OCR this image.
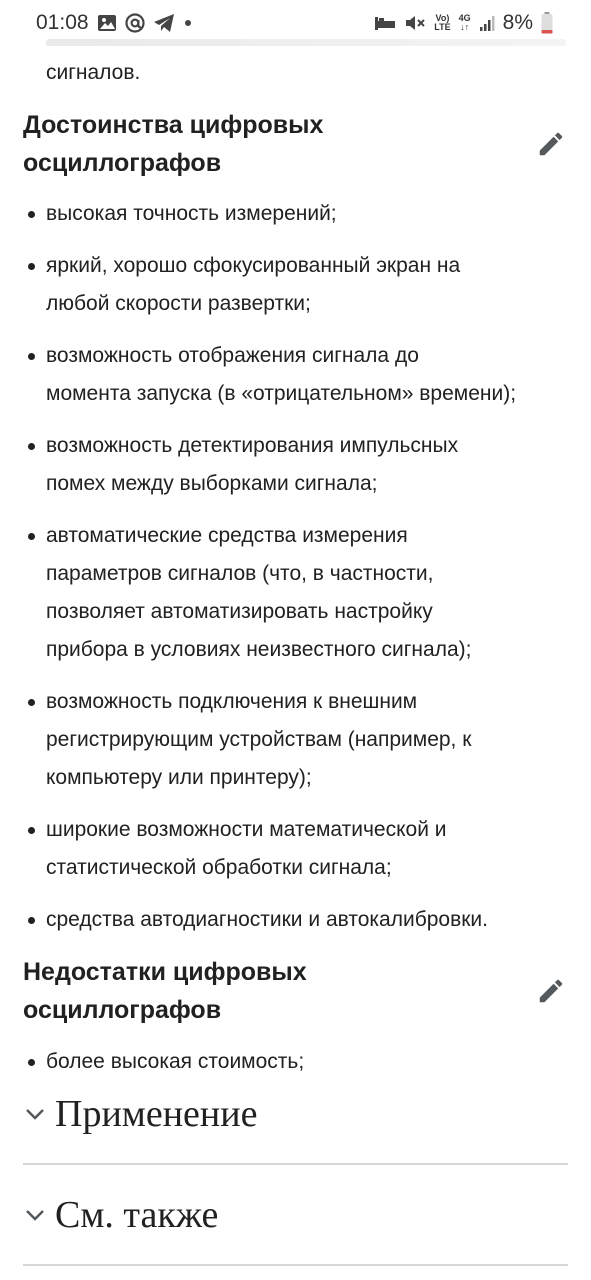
01:08	Vo)
LTE
4G
↓↑ 8%
сигналов.
Достоинства цифровых
осциллографов
высокая точность измерений;
яркий, хорошо сфокусированный экран на
любой скорости развертки;
возможность отображения сигнала до
момента запуска (в «отрицательном» времени);
возможность детектирования импульсных
помех между выборками сигнала;
автоматические средства измерения
параметров сигналов (что, в частности,
позволяет автоматизировать настройку
прибора в условиях неизвестного сигнала);
возможность подключения к внешним
регистрирующим устройствам (например, к
компьютеру или принтеру);
широкие возможности математической и
статистической обработки сигнала;
средства автодиагностики и автокалибровки.
Недостатки цифровых
осциллографов
более высокая стоимость;
Применение
См. также
